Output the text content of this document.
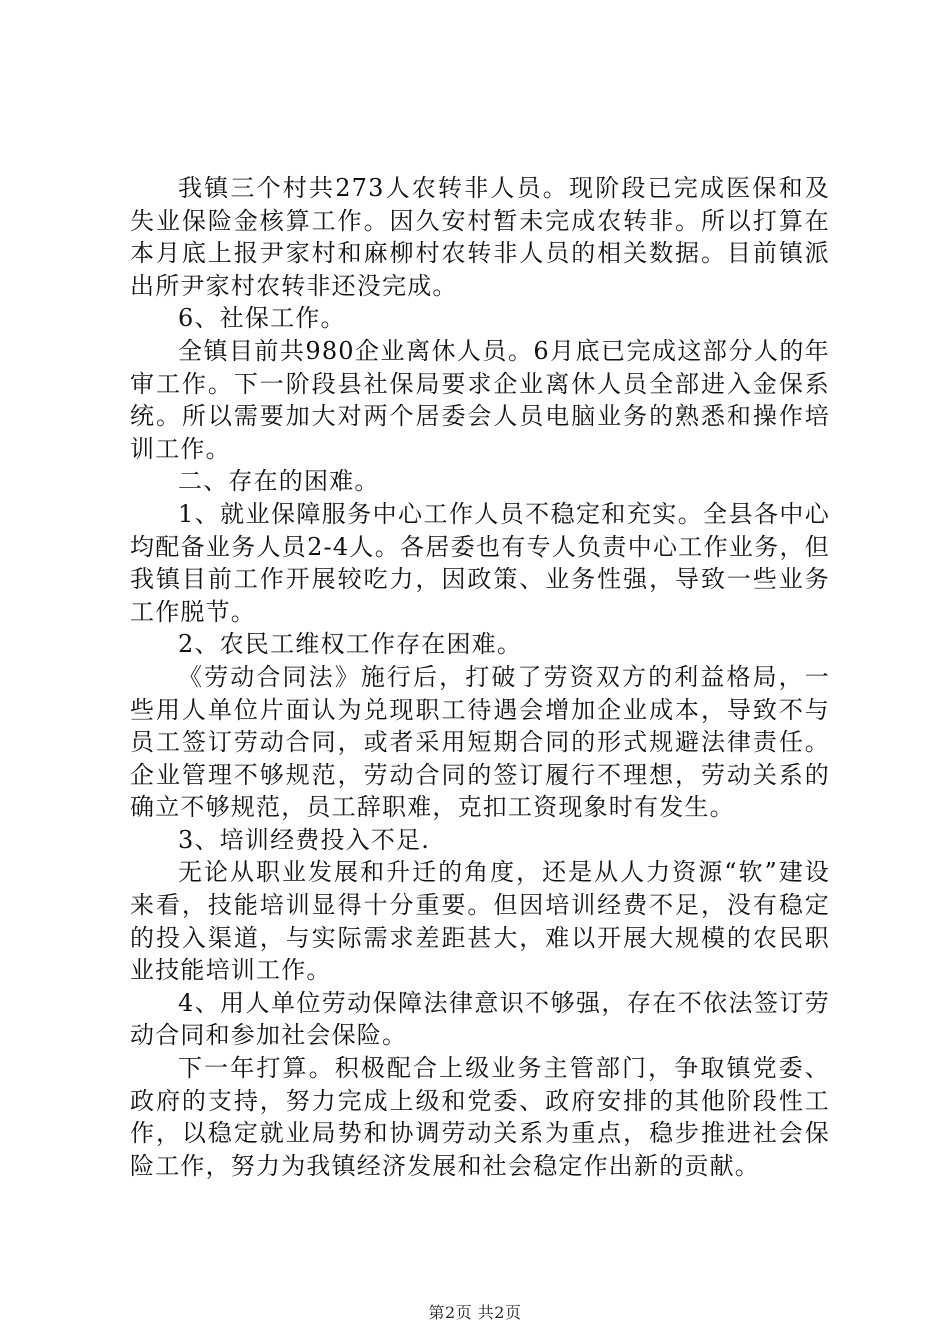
我镇三个村共273人农转非人员。现阶段已完成医保和及失业保险金核算工作。因久安村暂未完成农转非。所以打算在本月底上报尹家村和麻柳村农转非人员的相关数据。目前镇派出所尹家村农转非还没完成。

6、社保工作。

全镇目前共980企业离休人员。6月底已完成这部分人的年审工作。下一阶段县社保局要求企业离休人员全部进入金保系统。所以需要加大对两个居委会人员电脑业务的熟悉和操作培训工作。

二、存在的困难。

1、就业保障服务中心工作人员不稳定和充实。全县各中心均配备业务人员2-4人。各居委也有专人负责中心工作业务，但我镇目前工作开展较吃力，因政策、业务性强，导致一些业务工作脱节。

2、农民工维权工作存在困难。

《劳动合同法》施行后，打破了劳资双方的利益格局，一些用人单位片面认为兑现职工待遇会增加企业成本，导致不与员工签订劳动合同，或者采用短期合同的形式规避法律责任。企业管理不够规范，劳动合同的签订履行不理想，劳动关系的确立不够规范，员工辞职难，克扣工资现象时有发生。

3、培训经费投入不足.

无论从职业发展和升迁的角度，还是从人力资源“软”建设来看，技能培训显得十分重要。但因培训经费不足，没有稳定的投入渠道，与实际需求差距甚大，难以开展大规模的农民职业技能培训工作。

4、用人单位劳动保障法律意识不够强，存在不依法签订劳动合同和参加社会保险。

下一年打算。积极配合上级业务主管部门，争取镇党委、政府的支持，努力完成上级和党委、政府安排的其他阶段性工作，以稳定就业局势和协调劳动关系为重点，稳步推进社会保险工作，努力为我镇经济发展和社会稳定作出新的贡献。

第2页 共2页
